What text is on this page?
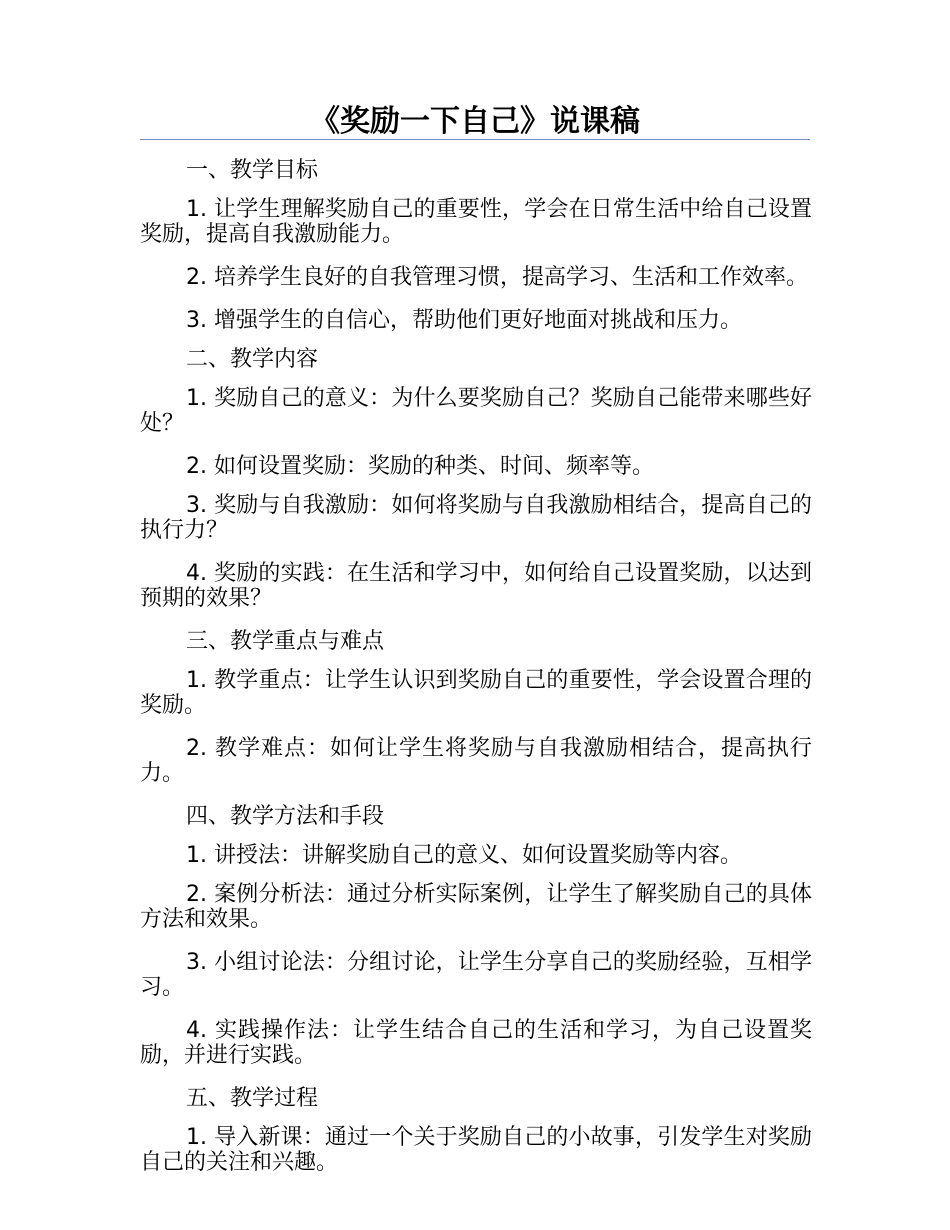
《奖励一下自己》说课稿

一、教学目标

1. 让学生理解奖励自己的重要性，学会在日常生活中给自己设置奖励，提高自我激励能力。

2. 培养学生良好的自我管理习惯，提高学习、生活和工作效率。

3. 增强学生的自信心，帮助他们更好地面对挑战和压力。

二、教学内容

1. 奖励自己的意义：为什么要奖励自己？奖励自己能带来哪些好处？

2. 如何设置奖励：奖励的种类、时间、频率等。

3. 奖励与自我激励：如何将奖励与自我激励相结合，提高自己的执行力？

4. 奖励的实践：在生活和学习中，如何给自己设置奖励，以达到预期的效果？

三、教学重点与难点

1. 教学重点：让学生认识到奖励自己的重要性，学会设置合理的奖励。

2. 教学难点：如何让学生将奖励与自我激励相结合，提高执行力。

四、教学方法和手段

1. 讲授法：讲解奖励自己的意义、如何设置奖励等内容。

2. 案例分析法：通过分析实际案例，让学生了解奖励自己的具体方法和效果。

3. 小组讨论法：分组讨论，让学生分享自己的奖励经验，互相学习。

4. 实践操作法：让学生结合自己的生活和学习，为自己设置奖励，并进行实践。

五、教学过程

1. 导入新课：通过一个关于奖励自己的小故事，引发学生对奖励自己的关注和兴趣。
